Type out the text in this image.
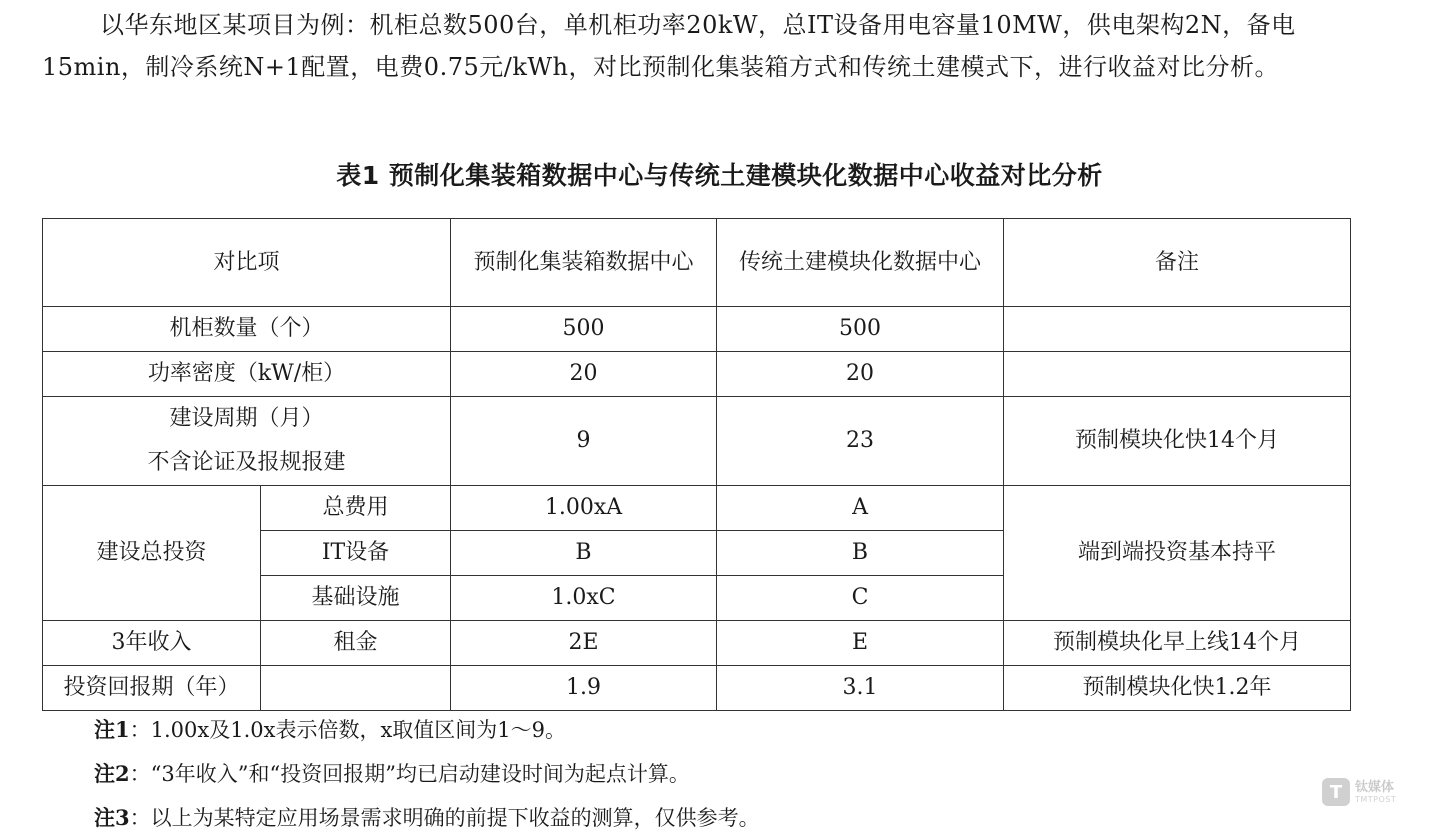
以华东地区某项目为例：机柜总数500台，单机柜功率20kW，总IT设备用电容量10MW，供电架构2N，备电15min，制冷系统N+1配置，电费0.75元/kWh，对比预制化集装箱方式和传统土建模式下，进行收益对比分析。

表1 预制化集装箱数据中心与传统土建模块化数据中心收益对比分析

对比项		预制化集装箱数据中心	传统土建模块化数据中心	备注
机柜数量（个）		500	500	
功率密度（kW/柜）		20	20	

建设周期（月）
不含论证及报规报建		9	23	预制模块化快14个月
建设总投资	总费用	1.00xA	A	端到端投资基本持平
	IT设备	B	B	
	基础设施	1.0xC	C	
3年收入	租金	2E	E	预制模块化早上线14个月
投资回报期（年）		1.9	3.1	预制模块化快1.2年
注1：1.00x及1.0x表示倍数，x取值区间为1～9。
注2：“3年收入”和“投资回报期”均已启动建设时间为起点计算。
注3：以上为某特定应用场景需求明确的前提下收益的测算，仅供参考。
T 钛媒体
TMTPOST
